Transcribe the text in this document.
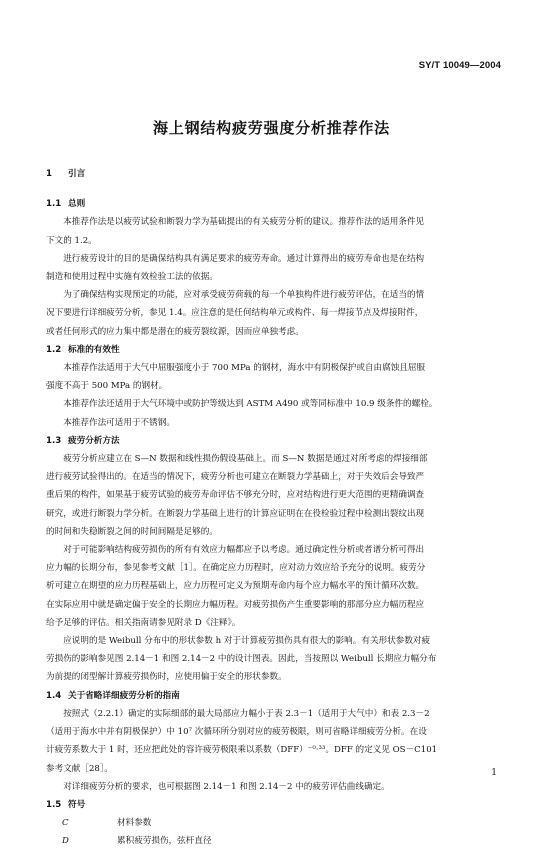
SY/T 10049—2004
海上钢结构疲劳强度分析推荐作法
1 引言
1.1 总则
本推荐作法是以疲劳试验和断裂力学为基础提出的有关疲劳分析的建议。推荐作法的适用条件见
下文的 1.2。
进行疲劳设计的目的是确保结构具有满足要求的疲劳寿命。通过计算得出的疲劳寿命也是在结构
制造和使用过程中实施有效检验工法的依据。
为了确保结构实现预定的功能，应对承受疲劳荷载的每一个单独构件进行疲劳评估，在适当的情
况下要进行详细疲劳分析，参见 1.4。应注意的是任何结构单元或构件、每一焊接节点及焊接附件，
或者任何形式的应力集中都是潜在的疲劳裂纹源，因而应单独考虑。
1.2 标准的有效性
本推荐作法适用于大气中屈服强度小于 700 MPa 的钢材，海水中有阴极保护或自由腐蚀且屈服
强度不高于 500 MPa 的钢材。
本推荐作法还适用于大气环境中或防护等级达到 ASTM A490 或等同标准中 10.9 级条件的螺栓。
本推荐作法可适用于不锈钢。
1.3 疲劳分析方法
疲劳分析应建立在 S—N 数据和线性损伤假设基础上。而 S—N 数据是通过对所考虑的焊接细部
进行疲劳试验得出的。在适当的情况下，疲劳分析也可建立在断裂力学基础上，对于失效后会导致严
重后果的构件，如果基于疲劳试验的疲劳寿命评估不够充分时，应对结构进行更大范围的更精确调查
研究，或进行断裂力学分析。在断裂力学基础上进行的计算应证明在在役检验过程中检测出裂纹出现
的时间和失稳断裂之间的时间间隔是足够的。
对于可能影响结构疲劳损伤的所有有效应力幅都应予以考虑。通过确定性分析或者谱分析可得出
应力幅的长期分布，参见参考文献［1］。在确定应力历程时，应对动力效应给予充分的说明。疲劳分
析可建立在期望的应力历程基础上，应力历程可定义为预期寿命内每个应力幅水平的预计循环次数。
在实际应用中就是确定偏于安全的长期应力幅历程。对疲劳损伤产生重要影响的那部分应力幅历程应
给予足够的评估。相关指南请参见附录 D《注释》。
应说明的是 Weibull 分布中的形状参数 h 对于计算疲劳损伤具有很大的影响。有关形状参数对疲
劳损伤的影响参见图 2.14－1 和图 2.14－2 中的设计图表。因此，当按照以 Weibull 长期应力幅分布
为前提的闭型解计算疲劳损伤时，应使用偏于安全的形状参数。
1.4 关于省略详细疲劳分析的指南
按照式（2.2.1）确定的实际细部的最大局部应力幅小于表 2.3－1（适用于大气中）和表 2.3－2
（适用于海水中并有阴极保护）中 10⁷ 次循环所分别对应的疲劳极限，则可省略详细疲劳分析。在设
计疲劳系数大于 1 时，还应把此处的容许疲劳极限乘以系数（DFF）⁻⁰·³³。DFF 的定义见 OS－C101
参考文献［28］。
对详细疲劳分析的要求，也可根据图 2.14－1 和图 2.14－2 中的疲劳评估曲线确定。
1.5 符号
C	材料参数
D	累积疲劳损伤，弦杆直径
1
